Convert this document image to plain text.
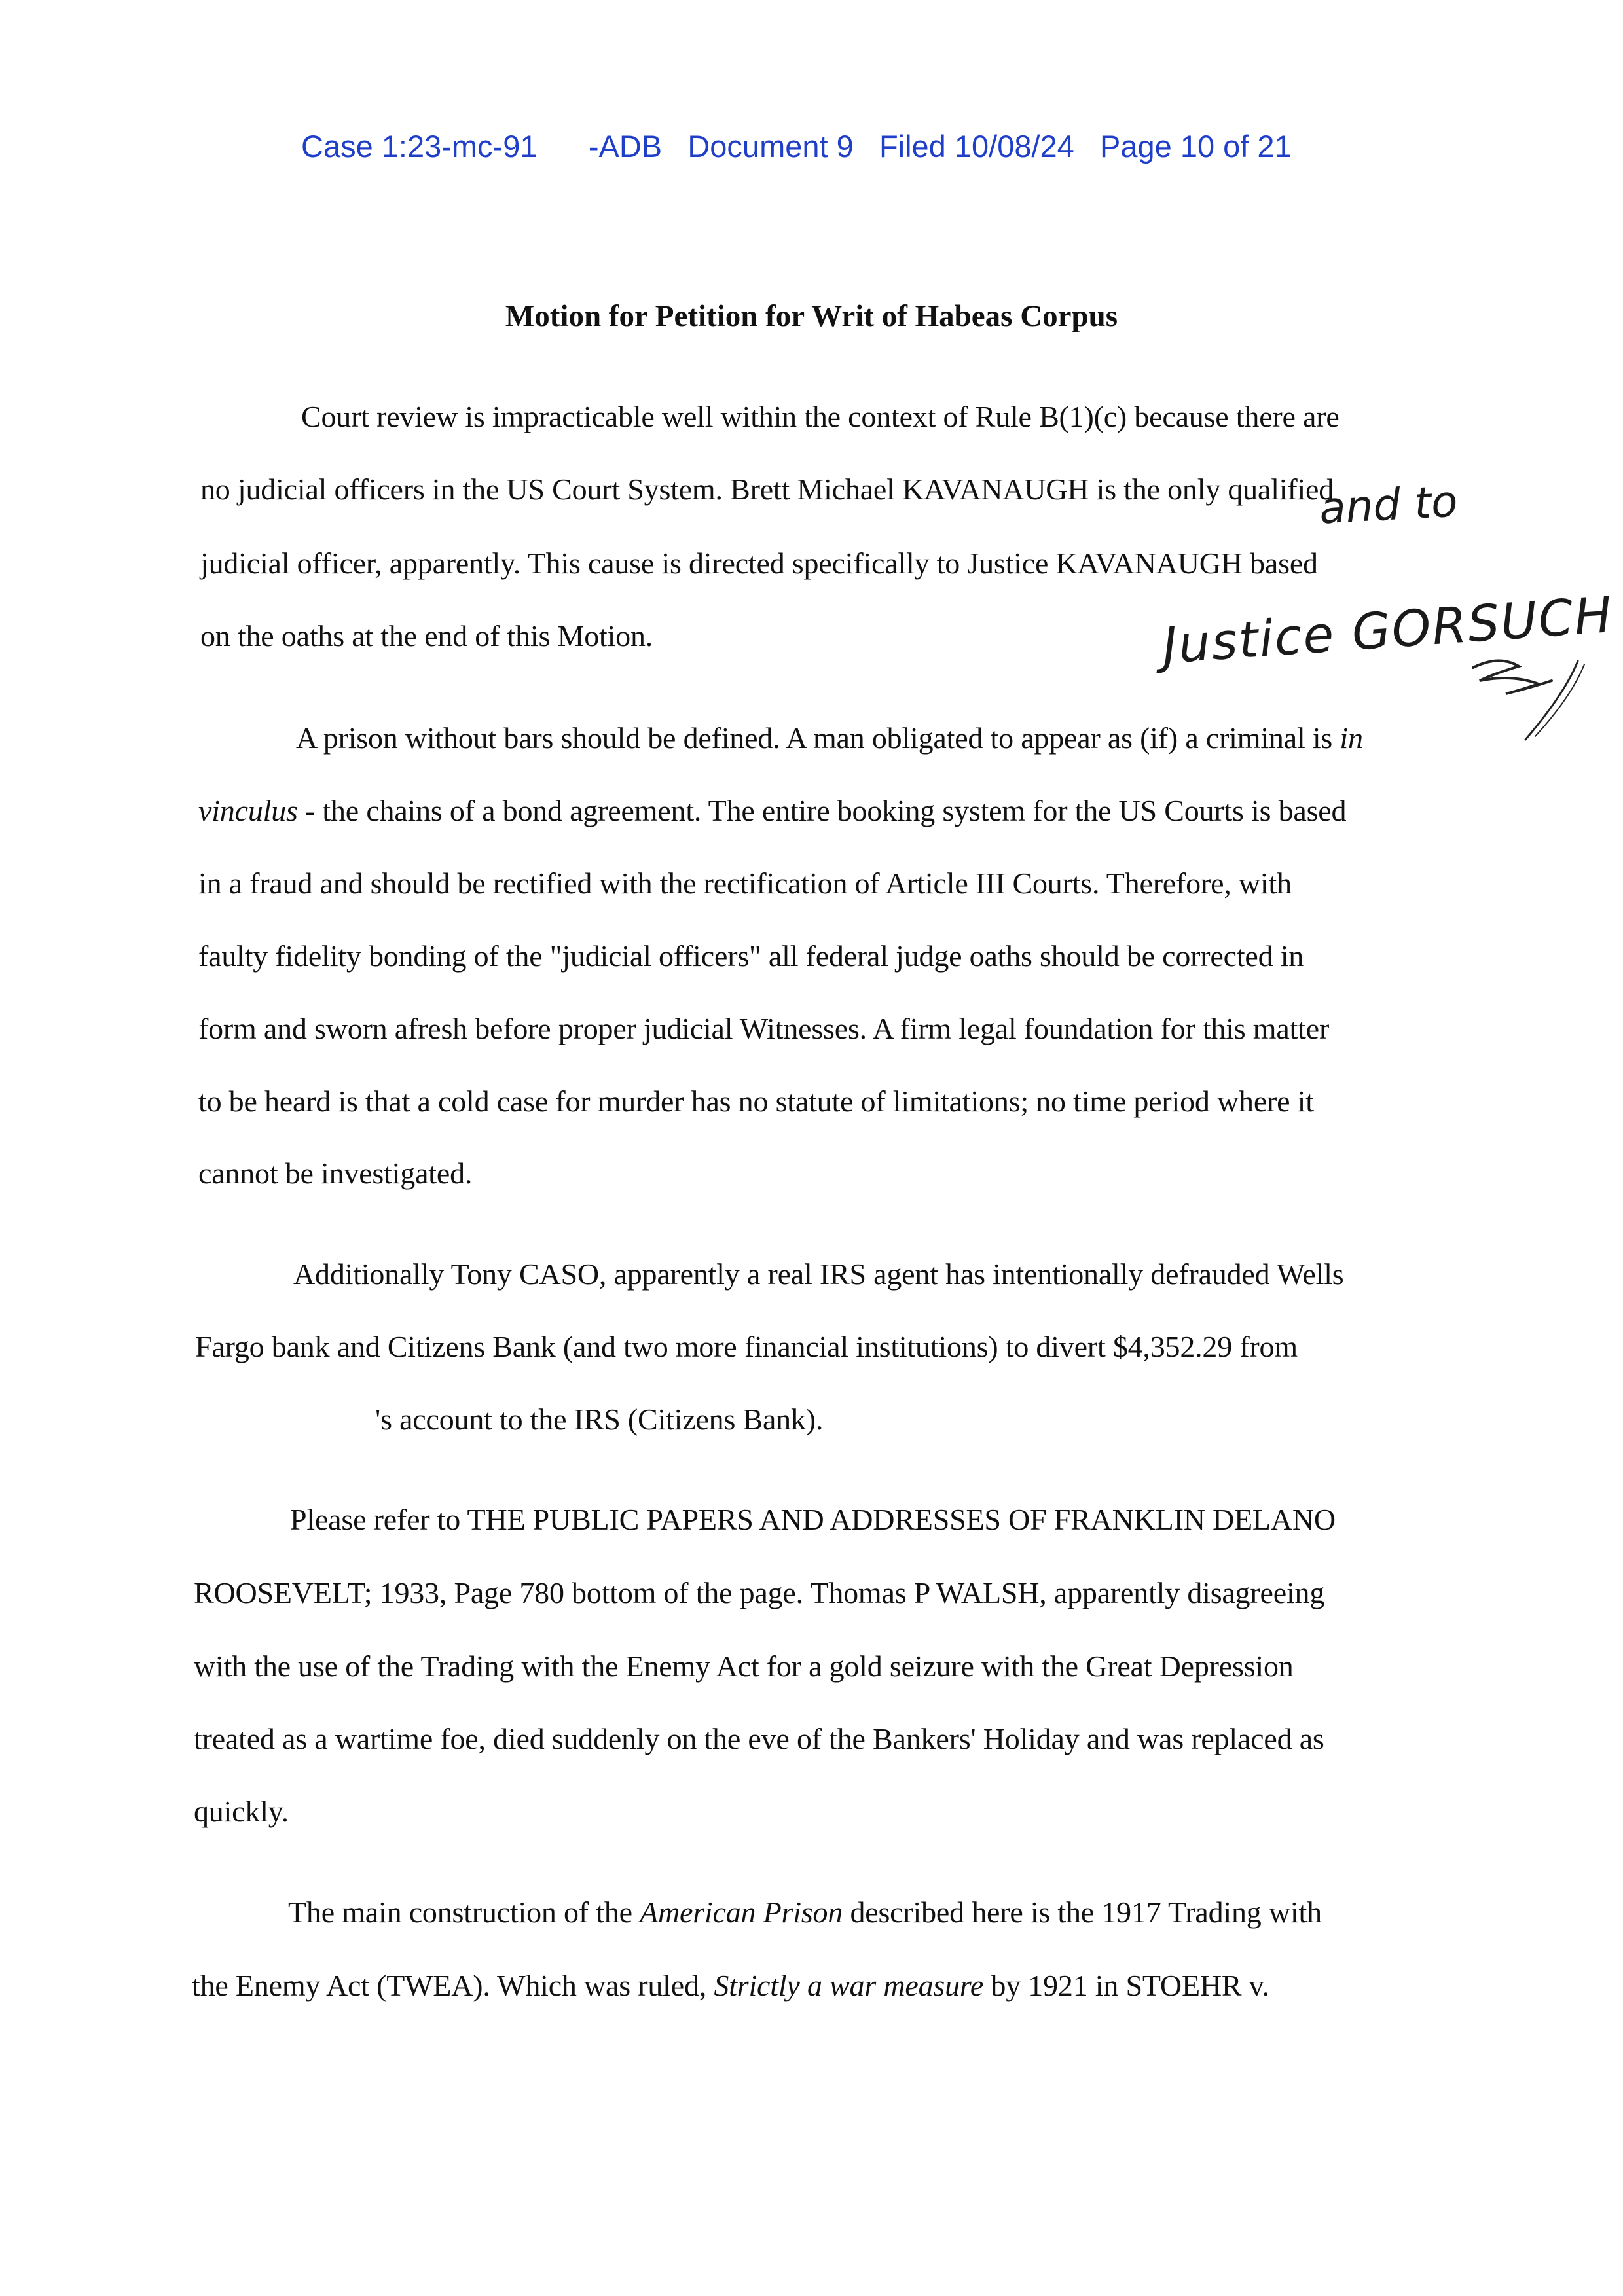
Case 1:23-mc-91 -ADB Document 9 Filed 10/08/24 Page 10 of 21
Motion for Petition for Writ of Habeas Corpus
Court review is impracticable well within the context of Rule B(1)(c) because there are
no judicial officers in the US Court System. Brett Michael KAVANAUGH is the only qualified
judicial officer, apparently. This cause is directed specifically to Justice KAVANAUGH based
on the oaths at the end of this Motion.
A prison without bars should be defined. A man obligated to appear as (if) a criminal is in
vinculus - the chains of a bond agreement. The entire booking system for the US Courts is based
in a fraud and should be rectified with the rectification of Article III Courts. Therefore, with
faulty fidelity bonding of the "judicial officers" all federal judge oaths should be corrected in
form and sworn afresh before proper judicial Witnesses. A firm legal foundation for this matter
to be heard is that a cold case for murder has no statute of limitations; no time period where it
cannot be investigated.
Additionally Tony CASO, apparently a real IRS agent has intentionally defrauded Wells
Fargo bank and Citizens Bank (and two more financial institutions) to divert $4,352.29 from
's account to the IRS (Citizens Bank).
Please refer to THE PUBLIC PAPERS AND ADDRESSES OF FRANKLIN DELANO
ROOSEVELT; 1933, Page 780 bottom of the page. Thomas P WALSH, apparently disagreeing
with the use of the Trading with the Enemy Act for a gold seizure with the Great Depression
treated as a wartime foe, died suddenly on the eve of the Bankers' Holiday and was replaced as
quickly.
The main construction of the American Prison described here is the 1917 Trading with
the Enemy Act (TWEA). Which was ruled, Strictly a war measure by 1921 in STOEHR v.
and to
Justice GORSUCH
